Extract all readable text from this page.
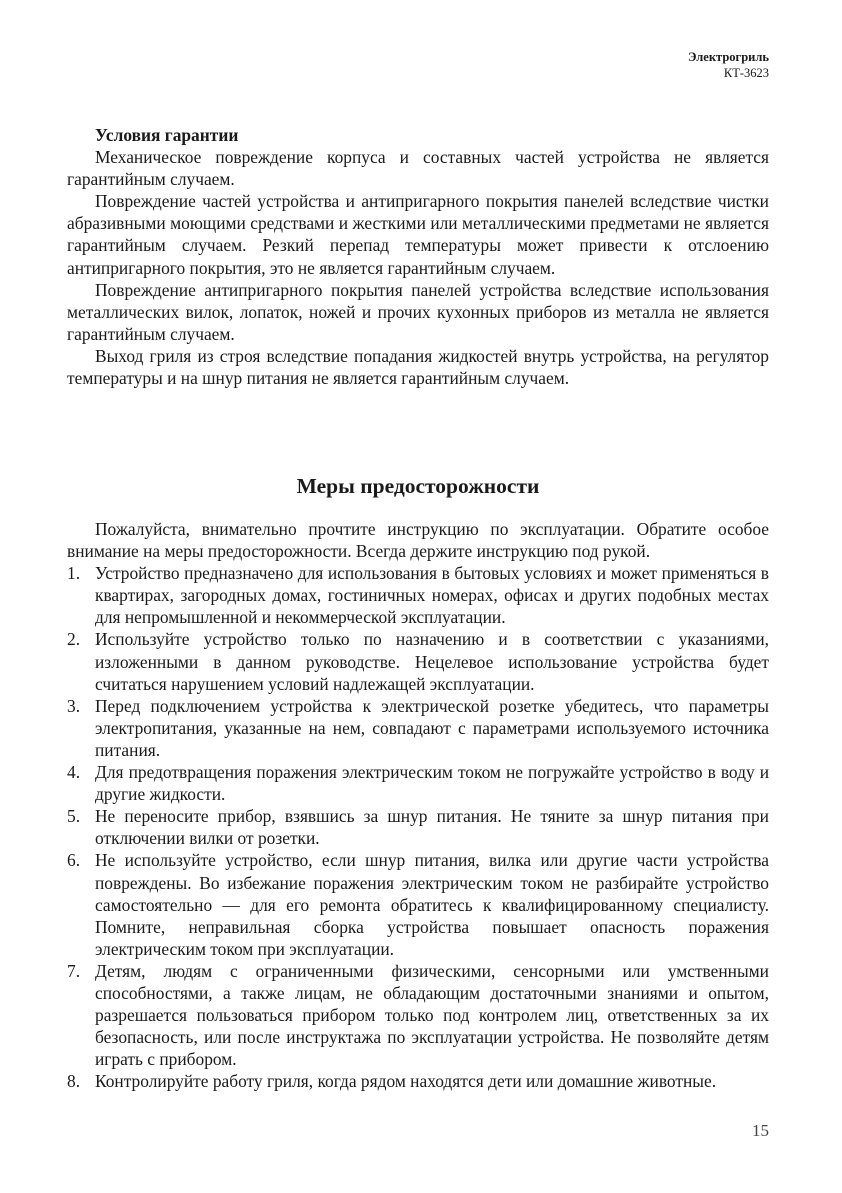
Электрогриль
КТ-3623
Условия гарантии

Механическое повреждение корпуса и составных частей устройства не является гарантийным случаем.

Повреждение частей устройства и антипригарного покрытия панелей вследствие чистки абразивными моющими средствами и жесткими или металлическими предметами не является гарантийным случаем. Резкий перепад температуры может привести к отслоению антипригарного покрытия, это не является гарантийным случаем.

Повреждение антипригарного покрытия панелей устройства вследствие использования металлических вилок, лопаток, ножей и прочих кухонных приборов из металла не является гарантийным случаем.

Выход гриля из строя вследствие попадания жидкостей внутрь устройства, на регулятор температуры и на шнур питания не является гарантийным случаем.

Меры предосторожности

Пожалуйста, внимательно прочтите инструкцию по эксплуатации. Обратите особое внимание на меры предосторожности. Всегда держите инструкцию под рукой.

1. Устройство предназначено для использования в бытовых условиях и может применяться в квартирах, загородных домах, гостиничных номерах, офисах и других подобных местах для непромышленной и некоммерческой эксплуатации.
2. Используйте устройство только по назначению и в соответствии с указаниями, изложенными в данном руководстве. Нецелевое использование устройства будет считаться нарушением условий надлежащей эксплуатации.
3. Перед подключением устройства к электрической розетке убедитесь, что параметры электропитания, указанные на нем, совпадают с параметрами используемого источника питания.
4. Для предотвращения поражения электрическим током не погружайте устройство в воду и другие жидкости.
5. Не переносите прибор, взявшись за шнур питания. Не тяните за шнур питания при отключении вилки от розетки.
6. Не используйте устройство, если шнур питания, вилка или другие части устройства повреждены. Во избежание поражения электрическим током не разбирайте устройство самостоятельно — для его ремонта обратитесь к квалифицированному специалисту. Помните, неправильная сборка устройства повышает опасность поражения электрическим током при эксплуатации.
7. Детям, людям с ограниченными физическими, сенсорными или умственными способностями, а также лицам, не обладающим достаточными знаниями и опытом, разрешается пользоваться прибором только под контролем лиц, ответственных за их безопасность, или после инструктажа по эксплуатации устройства. Не позволяйте детям играть с прибором.
8. Контролируйте работу гриля, когда рядом находятся дети или домашние животные.
15
